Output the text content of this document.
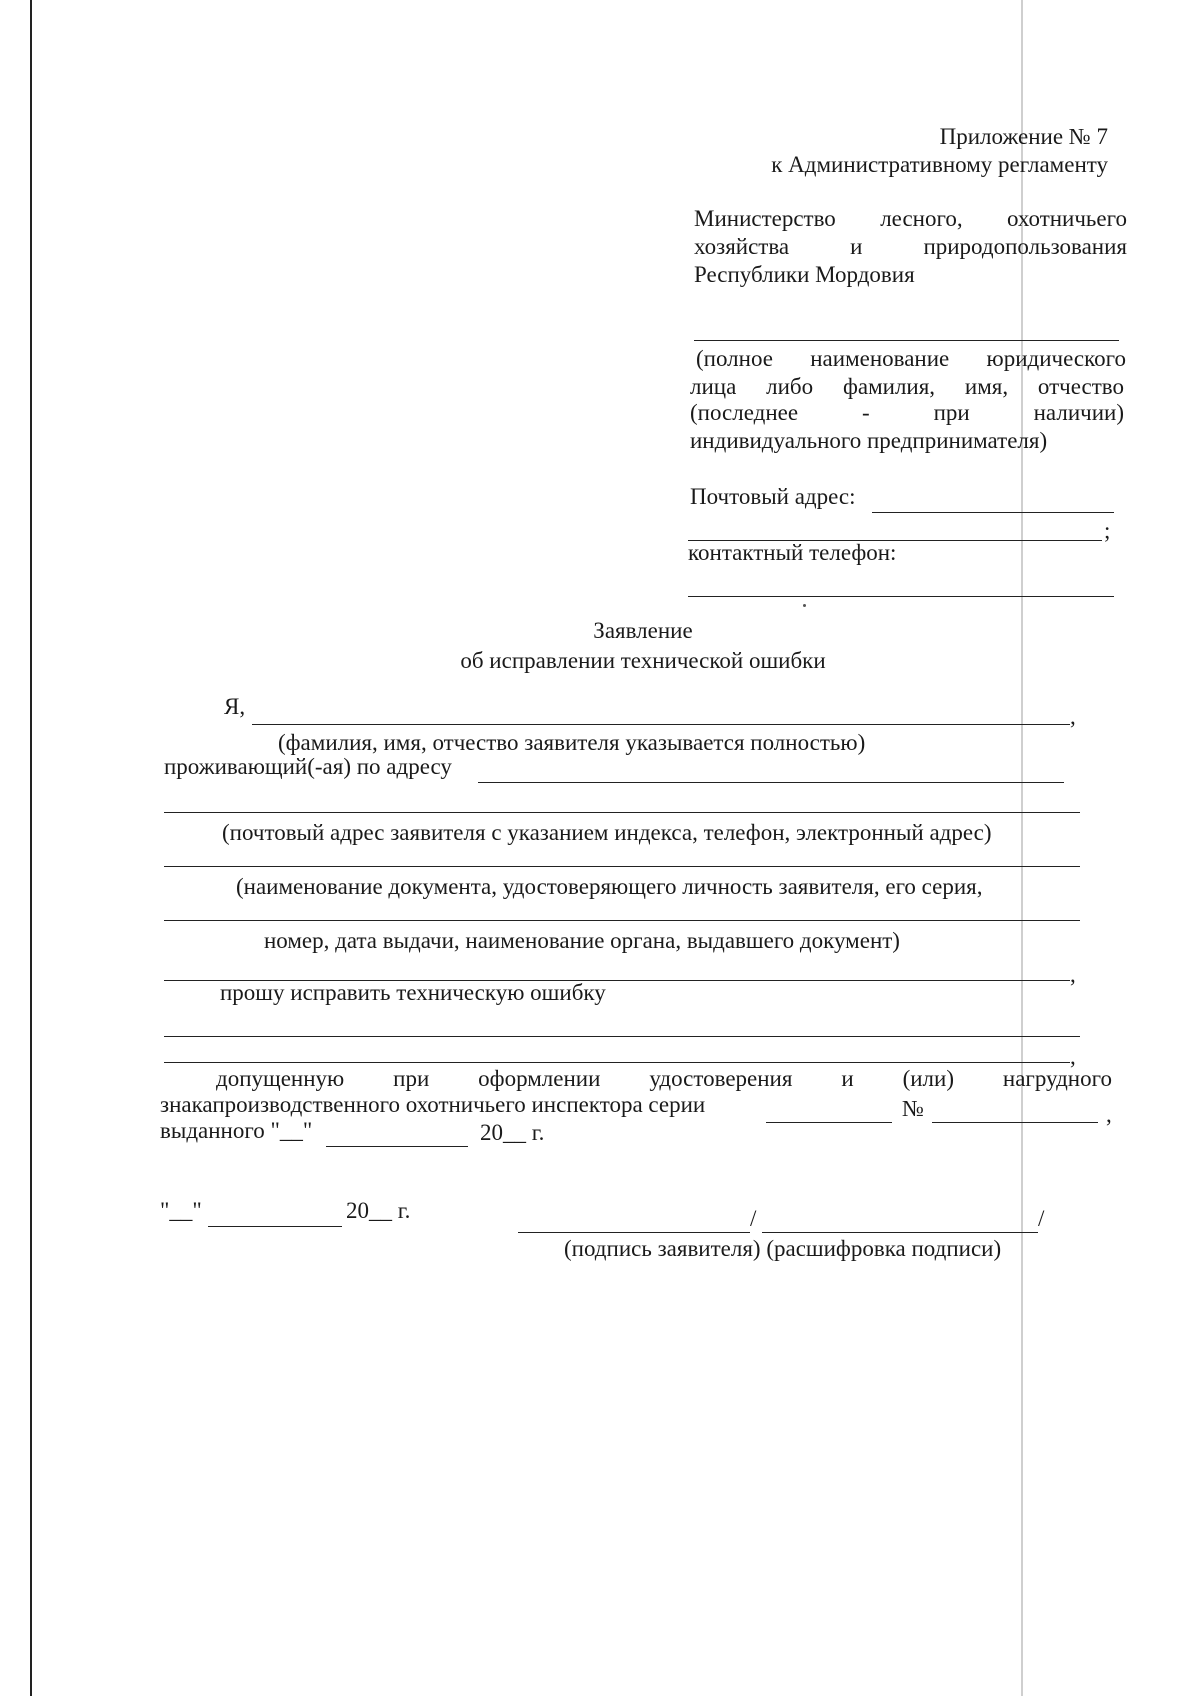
Приложение № 7
к Административному регламенту
Министерство лесного, охотничьего
хозяйства	и	природопользования
Республики Мордовия
(полное наименование юридического
лица либо фамилия, имя, отчество
(последнее	-	при	наличии)
индивидуального предпринимателя)
Почтовый адрес:
;
контактный телефон:
Заявление
об исправлении технической ошибки
Я,	,
(фамилия, имя, отчество заявителя указывается полностью)
проживающий(-ая) по адресу
(почтовый адрес заявителя с указанием индекса, телефон, электронный адрес)
(наименование документа, удостоверяющего личность заявителя, его серия,
номер, дата выдачи, наименование органа, выдавшего документ)
,
прошу исправить техническую ошибку
,
допущенную при оформлении удостоверения и (или) нагрудного
знакапроизводственного охотничьего инспектора серии	№	,
выданного "__"	20__ г.
"__"	20__ г.	/	/
(подпись заявителя) (расшифровка подписи)
